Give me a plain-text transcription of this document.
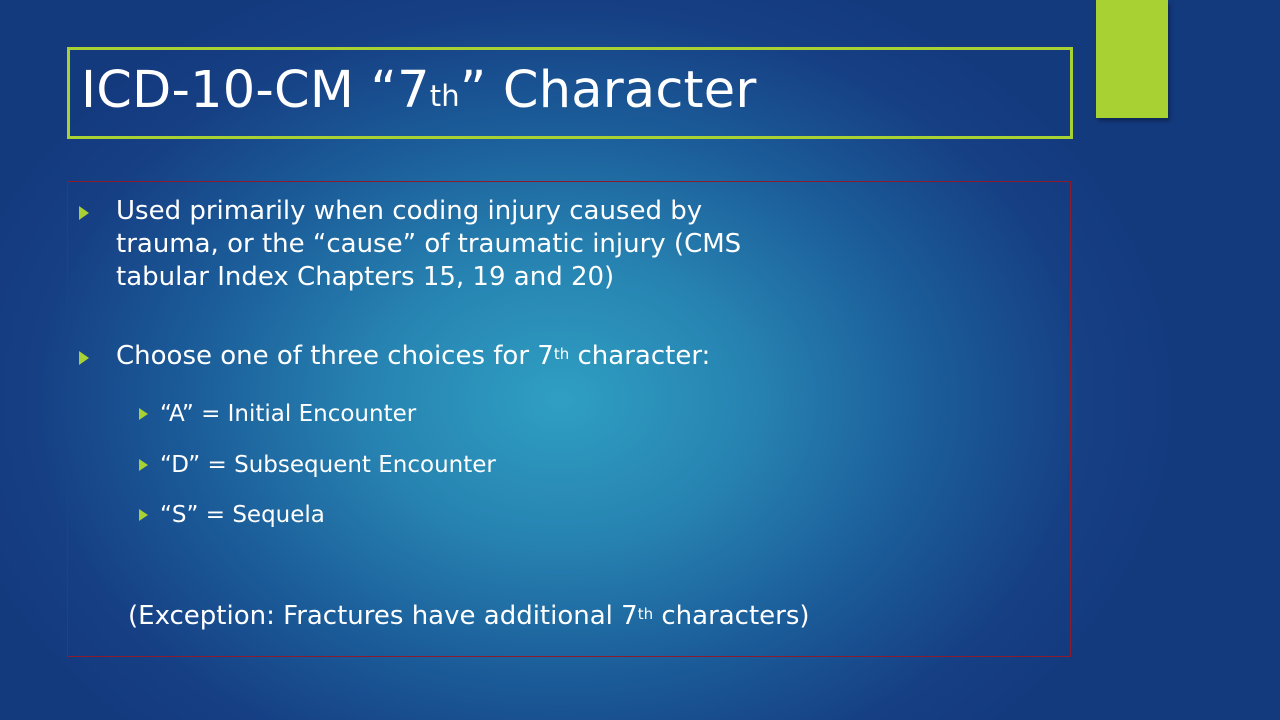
ICD-10-CM “7th” Character
Used primarily when coding injury caused by
trauma, or the “cause” of traumatic injury (CMS
tabular Index Chapters 15, 19 and 20)
Choose one of three choices for 7th character:
“A” = Initial Encounter
“D” = Subsequent Encounter
“S” = Sequela
(Exception: Fractures have additional 7th characters)
